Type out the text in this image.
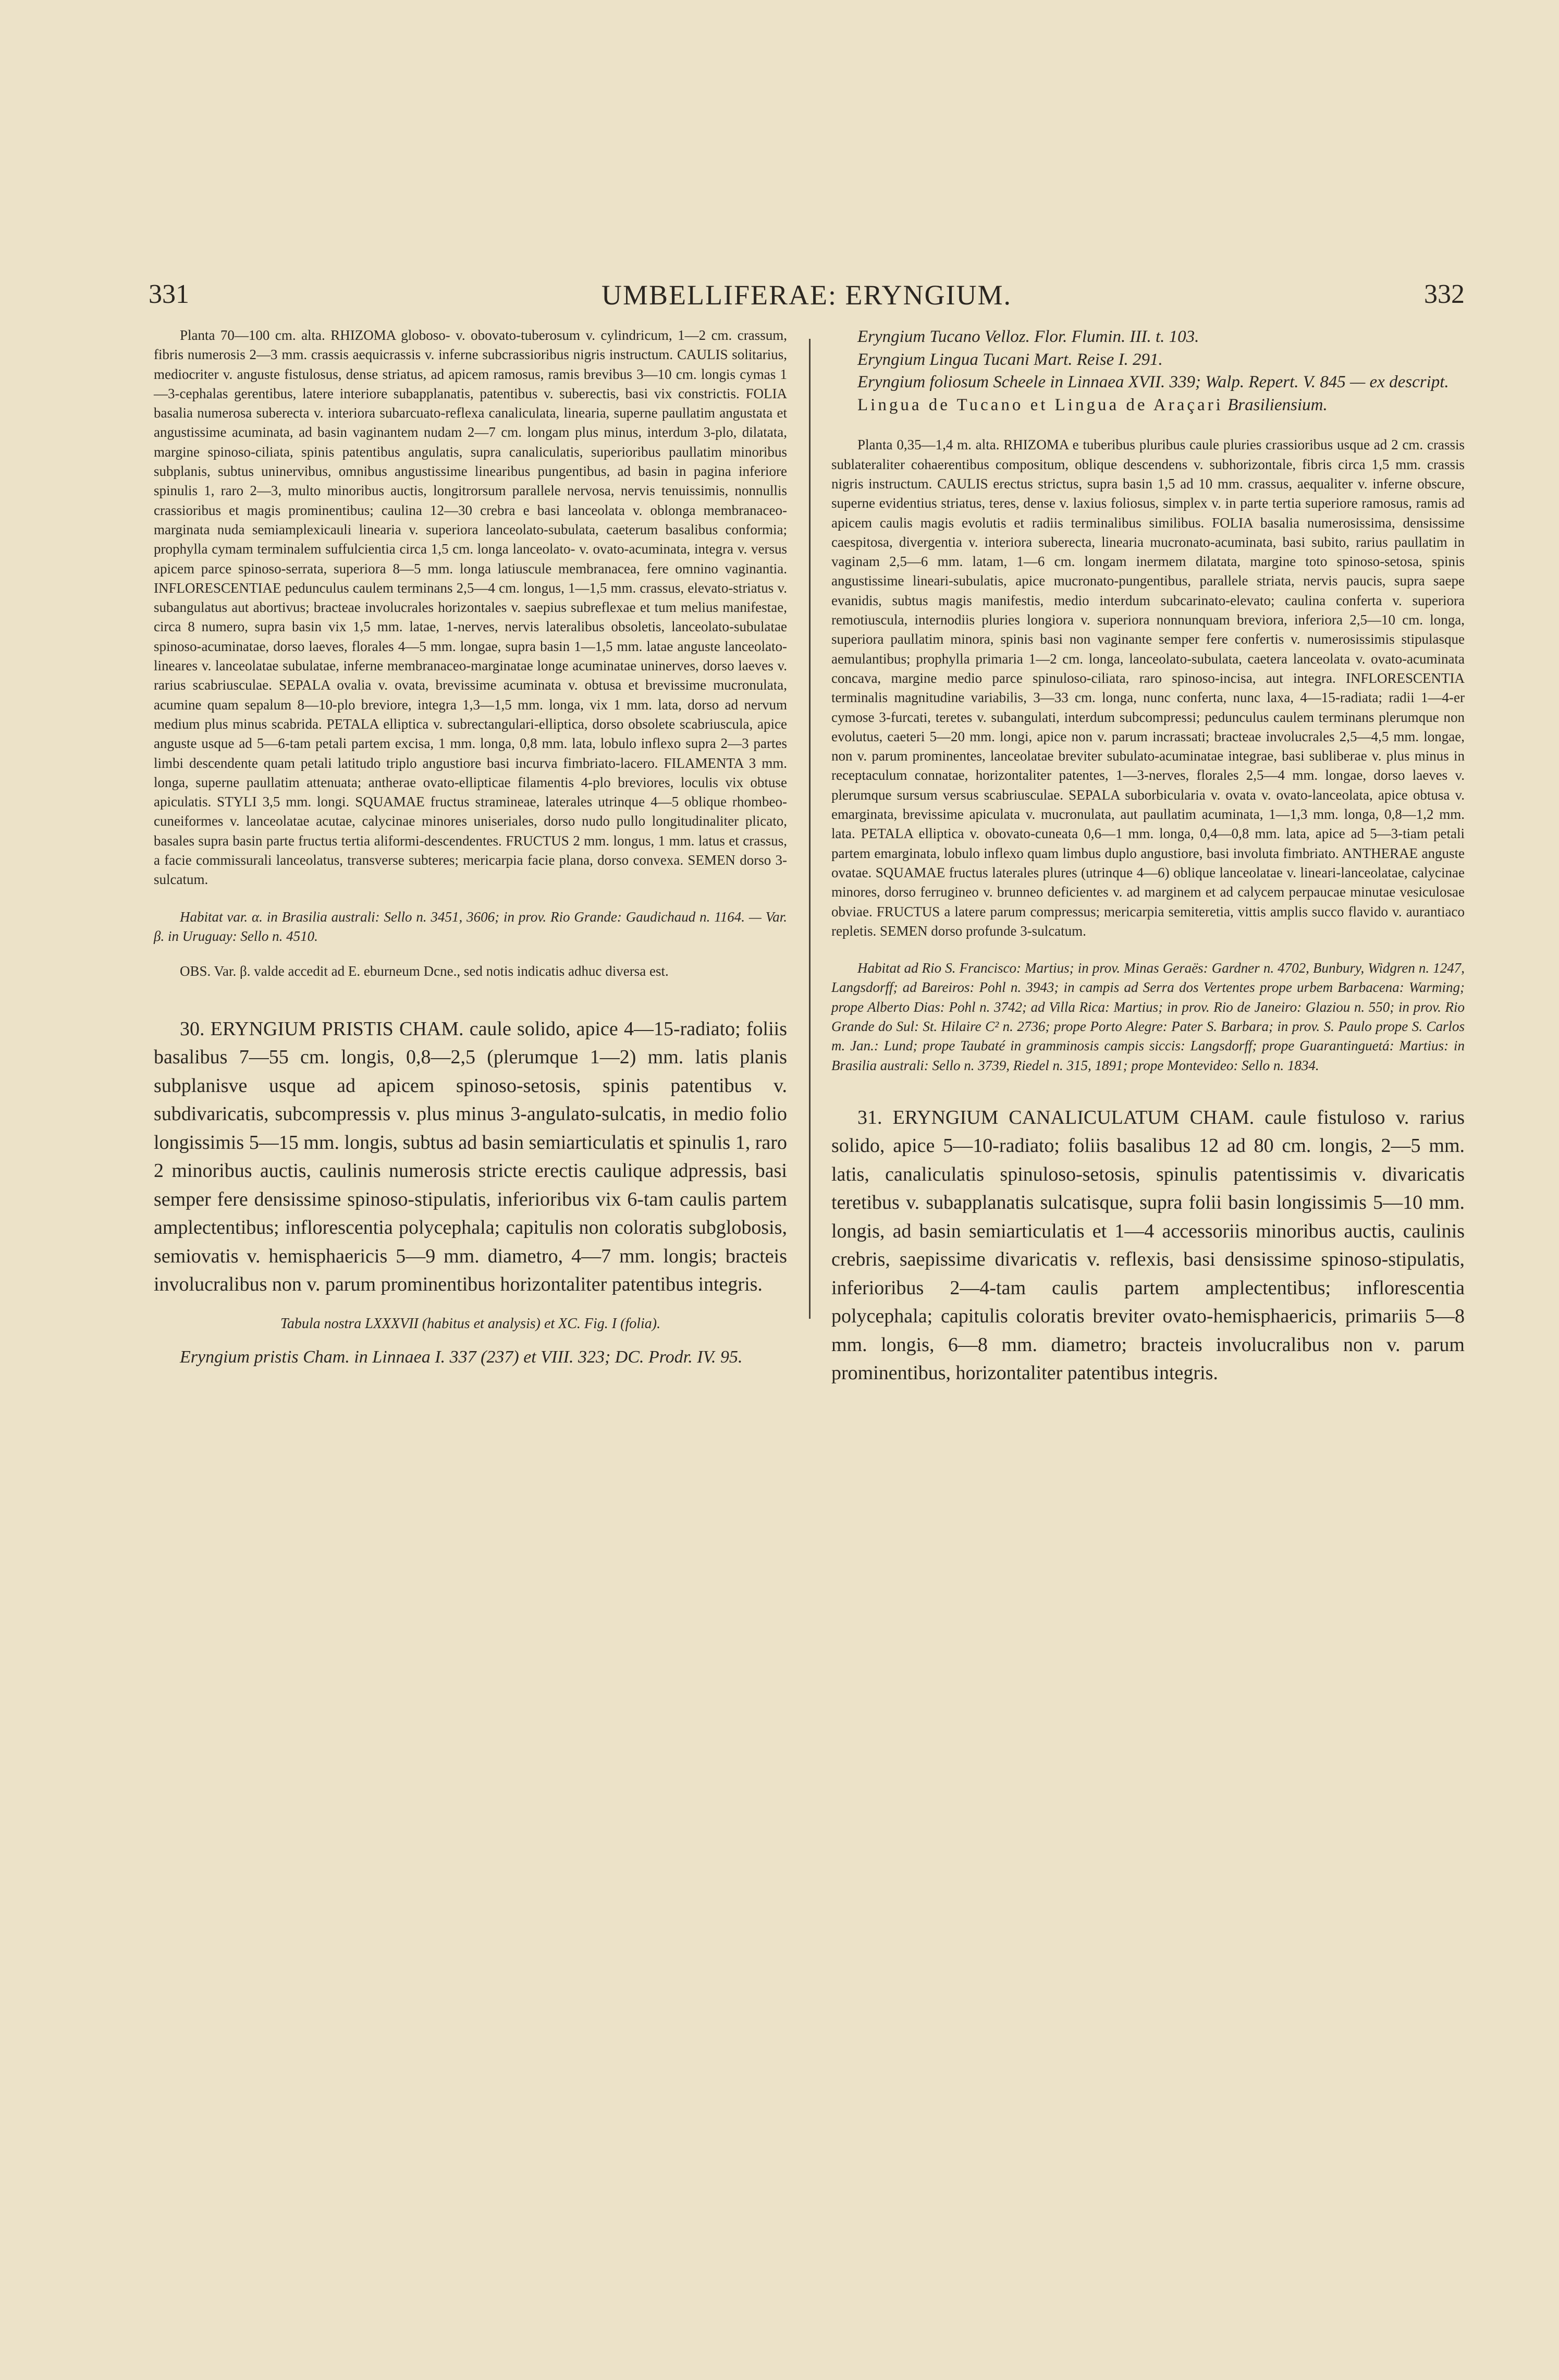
331	UMBELLIFERAE: ERYNGIUM.	332

Planta 70—100 cm. alta. RHIZOMA globoso- v. obovato-tuberosum v. cylindricum, 1—2 cm. crassum, fibris numerosis 2—3 mm. crassis aequicrassis v. inferne subcrassioribus nigris instructum. CAULIS solitarius, mediocriter v. anguste fistulosus, dense striatus, ad apicem ramosus, ramis brevibus 3—10 cm. longis cymas 1—3-cephalas gerentibus, latere interiore subapplanatis, patentibus v. suberectis, basi vix constrictis. FOLIA basalia numerosa suberecta v. interiora subarcuato-reflexa canaliculata, linearia, superne paullatim angustata et angustissime acuminata, ad basin vaginantem nudam 2—7 cm. longam plus minus, interdum 3-plo, dilatata, margine spinoso-ciliata, spinis patentibus angulatis, supra canaliculatis, superioribus paullatim minoribus subplanis, subtus uninervibus, omnibus angustissime linearibus pungentibus, ad basin in pagina inferiore spinulis 1, raro 2—3, multo minoribus auctis, longitrorsum parallele nervosa, nervis tenuissimis, nonnullis crassioribus et magis prominentibus; caulina 12—30 crebra e basi lanceolata v. oblonga membranaceo-marginata nuda semiamplexicauli linearia v. superiora lanceolato-subulata, caeterum basalibus conformia; prophylla cymam terminalem suffulcientia circa 1,5 cm. longa lanceolato- v. ovato-acuminata, integra v. versus apicem parce spinoso-serrata, superiora 8—5 mm. longa latiuscule membranacea, fere omnino vaginantia. INFLORESCENTIAE pedunculus caulem terminans 2,5—4 cm. longus, 1—1,5 mm. crassus, elevato-striatus v. subangulatus aut abortivus; bracteae involucrales horizontales v. saepius subreflexae et tum melius manifestae, circa 8 numero, supra basin vix 1,5 mm. latae, 1-nerves, nervis lateralibus obsoletis, lanceolato-subulatae spinoso-acuminatae, dorso laeves, florales 4—5 mm. longae, supra basin 1—1,5 mm. latae anguste lanceolato-lineares v. lanceolatae subulatae, inferne membranaceo-marginatae longe acuminatae uninerves, dorso laeves v. rarius scabriusculae. SEPALA ovalia v. ovata, brevissime acuminata v. obtusa et brevissime mucronulata, acumine quam sepalum 8—10-plo breviore, integra 1,3—1,5 mm. longa, vix 1 mm. lata, dorso ad nervum medium plus minus scabrida. PETALA elliptica v. subrectangulari-elliptica, dorso obsolete scabriuscula, apice anguste usque ad 5—6-tam petali partem excisa, 1 mm. longa, 0,8 mm. lata, lobulo inflexo supra 2—3 partes limbi descendente quam petali latitudo triplo angustiore basi incurva fimbriato-lacero. FILAMENTA 3 mm. longa, superne paullatim attenuata; antherae ovato-ellipticae filamentis 4-plo breviores, loculis vix obtuse apiculatis. STYLI 3,5 mm. longi. SQUAMAE fructus stramineae, laterales utrinque 4—5 oblique rhombeo-cuneiformes v. lanceolatae acutae, calycinae minores uniseriales, dorso nudo pullo longitudinaliter plicato, basales supra basin parte fructus tertia aliformi-descendentes. FRUCTUS 2 mm. longus, 1 mm. latus et crassus, a facie commissurali lanceolatus, transverse subteres; mericarpia facie plana, dorso convexa. SEMEN dorso 3-sulcatum.

Habitat var. α. in Brasilia australi: Sello n. 3451, 3606; in prov. Rio Grande: Gaudichaud n. 1164. — Var. β. in Uruguay: Sello n. 4510.

OBS. Var. β. valde accedit ad E. eburneum Dcne., sed notis indicatis adhuc diversa est.

30. ERYNGIUM PRISTIS CHAM. caule solido, apice 4—15-radiato; foliis basalibus 7—55 cm. longis, 0,8—2,5 (plerumque 1—2) mm. latis planis subplanisve usque ad apicem spinoso-setosis, spinis patentibus v. subdivaricatis, subcompressis v. plus minus 3-angulato-sulcatis, in medio folio longissimis 5—15 mm. longis, subtus ad basin semiarticulatis et spinulis 1, raro 2 minoribus auctis, caulinis numerosis stricte erectis caulique adpressis, basi semper fere densissime spinoso-stipulatis, inferioribus vix 6-tam caulis partem amplectentibus; inflorescentia polycephala; capitulis non coloratis subglobosis, semiovatis v. hemisphaericis 5—9 mm. diametro, 4—7 mm. longis; bracteis involucralibus non v. parum prominentibus horizontaliter patentibus integris.

Tabula nostra LXXXVII (habitus et analysis) et XC. Fig. I (folia).

Eryngium pristis Cham. in Linnaea I. 337 (237) et VIII. 323; DC. Prodr. IV. 95.

Eryngium Tucano Velloz. Flor. Flumin. III. t. 103.

Eryngium Lingua Tucani Mart. Reise I. 291.

Eryngium foliosum Scheele in Linnaea XVII. 339; Walp. Repert. V. 845 — ex descript.

Lingua de Tucano et Lingua de Araçari Brasiliensium.

Planta 0,35—1,4 m. alta. RHIZOMA e tuberibus pluribus caule pluries crassioribus usque ad 2 cm. crassis sublateraliter cohaerentibus compositum, oblique descendens v. subhorizontale, fibris circa 1,5 mm. crassis nigris instructum. CAULIS erectus strictus, supra basin 1,5 ad 10 mm. crassus, aequaliter v. inferne obscure, superne evidentius striatus, teres, dense v. laxius foliosus, simplex v. in parte tertia superiore ramosus, ramis ad apicem caulis magis evolutis et radiis terminalibus similibus. FOLIA basalia numerosissima, densissime caespitosa, divergentia v. interiora suberecta, linearia mucronato-acuminata, basi subito, rarius paullatim in vaginam 2,5—6 mm. latam, 1—6 cm. longam inermem dilatata, margine toto spinoso-setosa, spinis angustissime lineari-subulatis, apice mucronato-pungentibus, parallele striata, nervis paucis, supra saepe evanidis, subtus magis manifestis, medio interdum subcarinato-elevato; caulina conferta v. superiora remotiuscula, internodiis pluries longiora v. superiora nonnunquam breviora, inferiora 2,5—10 cm. longa, superiora paullatim minora, spinis basi non vaginante semper fere confertis v. numerosissimis stipulasque aemulantibus; prophylla primaria 1—2 cm. longa, lanceolato-subulata, caetera lanceolata v. ovato-acuminata concava, margine medio parce spinuloso-ciliata, raro spinoso-incisa, aut integra. INFLORESCENTIA terminalis magnitudine variabilis, 3—33 cm. longa, nunc conferta, nunc laxa, 4—15-radiata; radii 1—4-er cymose 3-furcati, teretes v. subangulati, interdum subcompressi; pedunculus caulem terminans plerumque non evolutus, caeteri 5—20 mm. longi, apice non v. parum incrassati; bracteae involucrales 2,5—4,5 mm. longae, non v. parum prominentes, lanceolatae breviter subulato-acuminatae integrae, basi subliberae v. plus minus in receptaculum connatae, horizontaliter patentes, 1—3-nerves, florales 2,5—4 mm. longae, dorso laeves v. plerumque sursum versus scabriusculae. SEPALA suborbicularia v. ovata v. ovato-lanceolata, apice obtusa v. emarginata, brevissime apiculata v. mucronulata, aut paullatim acuminata, 1—1,3 mm. longa, 0,8—1,2 mm. lata. PETALA elliptica v. obovato-cuneata 0,6—1 mm. longa, 0,4—0,8 mm. lata, apice ad 5—3-tiam petali partem emarginata, lobulo inflexo quam limbus duplo angustiore, basi involuta fimbriato. ANTHERAE anguste ovatae. SQUAMAE fructus laterales plures (utrinque 4—6) oblique lanceolatae v. lineari-lanceolatae, calycinae minores, dorso ferrugineo v. brunneo deficientes v. ad marginem et ad calycem perpaucae minutae vesiculosae obviae. FRUCTUS a latere parum compressus; mericarpia semiteretia, vittis amplis succo flavido v. aurantiaco repletis. SEMEN dorso profunde 3-sulcatum.

Habitat ad Rio S. Francisco: Martius; in prov. Minas Geraës: Gardner n. 4702, Bunbury, Widgren n. 1247, Langsdorff; ad Bareiros: Pohl n. 3943; in campis ad Serra dos Vertentes prope urbem Barbacena: Warming; prope Alberto Dias: Pohl n. 3742; ad Villa Rica: Martius; in prov. Rio de Janeiro: Glaziou n. 550; in prov. Rio Grande do Sul: St. Hilaire C² n. 2736; prope Porto Alegre: Pater S. Barbara; in prov. S. Paulo prope S. Carlos m. Jan.: Lund; prope Taubaté in gramminosis campis siccis: Langsdorff; prope Guarantinguetá: Martius: in Brasilia australi: Sello n. 3739, Riedel n. 315, 1891; prope Montevideo: Sello n. 1834.

31. ERYNGIUM CANALICULATUM CHAM. caule fistuloso v. rarius solido, apice 5—10-radiato; foliis basalibus 12 ad 80 cm. longis, 2—5 mm. latis, canaliculatis spinuloso-setosis, spinulis patentissimis v. divaricatis teretibus v. subapplanatis sulcatisque, supra folii basin longissimis 5—10 mm. longis, ad basin semiarticulatis et 1—4 accessoriis minoribus auctis, caulinis crebris, saepissime divaricatis v. reflexis, basi densissime spinoso-stipulatis, inferioribus 2—4-tam caulis partem amplectentibus; inflorescentia polycephala; capitulis coloratis breviter ovato-hemisphaericis, primariis 5—8 mm. longis, 6—8 mm. diametro; bracteis involucralibus non v. parum prominentibus, horizontaliter patentibus integris.
